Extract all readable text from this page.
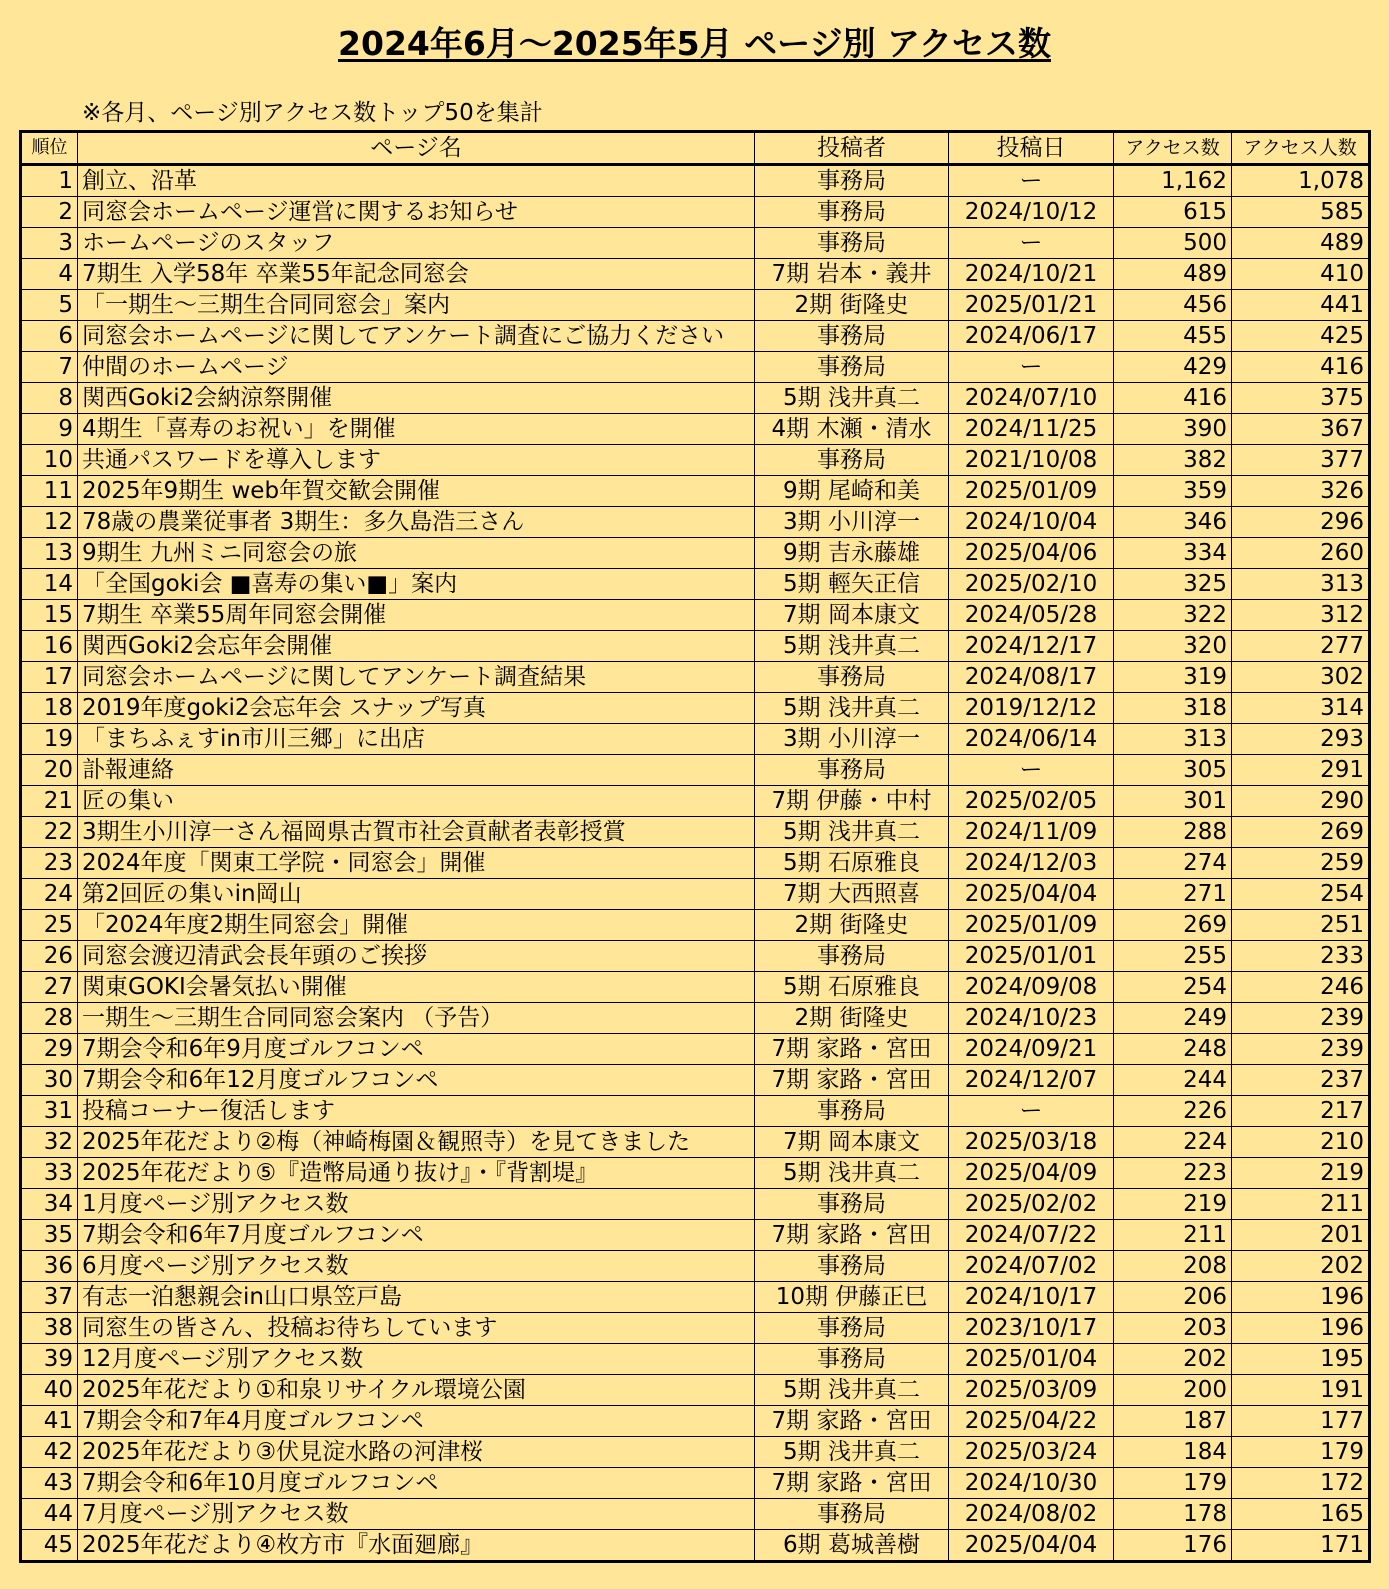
2024年6月～2025年5月 ページ別 アクセス数
※各月、ページ別アクセス数トップ50を集計
順位	ページ名	投稿者	投稿日	アクセス数	アクセス人数
1	創立、沿革	事務局	ー	1,162	1,078
2	同窓会ホームページ運営に関するお知らせ	事務局	2024/10/12	615	585
3	ホームページのスタッフ	事務局	ー	500	489
4	7期生 入学58年 卒業55年記念同窓会	7期 岩本・義井	2024/10/21	489	410
5	「一期生～三期生合同同窓会」案内	2期 街隆史	2025/01/21	456	441
6	同窓会ホームページに関してアンケート調査にご協力ください	事務局	2024/06/17	455	425
7	仲間のホームページ	事務局	ー	429	416
8	関西Goki2会納涼祭開催	5期 浅井真二	2024/07/10	416	375
9	4期生「喜寿のお祝い」を開催	4期 木瀬・清水	2024/11/25	390	367
10	共通パスワードを導入します	事務局	2021/10/08	382	377
11	2025年9期生 web年賀交歓会開催	9期 尾崎和美	2025/01/09	359	326
12	78歳の農業従事者 3期生：多久島浩三さん	3期 小川淳一	2024/10/04	346	296
13	9期生 九州ミニ同窓会の旅	9期 吉永藤雄	2025/04/06	334	260
14	「全国goki会 ■喜寿の集い■」案内	5期 輕矢正信	2025/02/10	325	313
15	7期生 卒業55周年同窓会開催	7期 岡本康文	2024/05/28	322	312
16	関西Goki2会忘年会開催	5期 浅井真二	2024/12/17	320	277
17	同窓会ホームページに関してアンケート調査結果	事務局	2024/08/17	319	302
18	2019年度goki2会忘年会 スナップ写真	5期 浅井真二	2019/12/12	318	314
19	「まちふぇすin市川三郷」に出店	3期 小川淳一	2024/06/14	313	293
20	訃報連絡	事務局	ー	305	291
21	匠の集い	7期 伊藤・中村	2025/02/05	301	290
22	3期生小川淳一さん福岡県古賀市社会貢献者表彰授賞	5期 浅井真二	2024/11/09	288	269
23	2024年度「関東工学院・同窓会」開催	5期 石原雅良	2024/12/03	274	259
24	第2回匠の集いin岡山	7期 大西照喜	2025/04/04	271	254
25	「2024年度2期生同窓会」開催	2期 街隆史	2025/01/09	269	251
26	同窓会渡辺清武会長年頭のご挨拶	事務局	2025/01/01	255	233
27	関東GOKI会暑気払い開催	5期 石原雅良	2024/09/08	254	246
28	一期生～三期生合同同窓会案内 （予告）	2期 街隆史	2024/10/23	249	239
29	7期会令和6年9月度ゴルフコンペ	7期 家路・宮田	2024/09/21	248	239
30	7期会令和6年12月度ゴルフコンペ	7期 家路・宮田	2024/12/07	244	237
31	投稿コーナー復活します	事務局	ー	226	217
32	2025年花だより②梅（神崎梅園＆観照寺）を見てきました	7期 岡本康文	2025/03/18	224	210
33	2025年花だより⑤『造幣局通り抜け』・『背割堤』	5期 浅井真二	2025/04/09	223	219
34	1月度ページ別アクセス数	事務局	2025/02/02	219	211
35	7期会令和6年7月度ゴルフコンペ	7期 家路・宮田	2024/07/22	211	201
36	6月度ページ別アクセス数	事務局	2024/07/02	208	202
37	有志一泊懇親会in山口県笠戸島	10期 伊藤正巳	2024/10/17	206	196
38	同窓生の皆さん、投稿お待ちしています	事務局	2023/10/17	203	196
39	12月度ページ別アクセス数	事務局	2025/01/04	202	195
40	2025年花だより①和泉リサイクル環境公園	5期 浅井真二	2025/03/09	200	191
41	7期会令和7年4月度ゴルフコンペ	7期 家路・宮田	2025/04/22	187	177
42	2025年花だより③伏見淀水路の河津桜	5期 浅井真二	2025/03/24	184	179
43	7期会令和6年10月度ゴルフコンペ	7期 家路・宮田	2024/10/30	179	172
44	7月度ページ別アクセス数	事務局	2024/08/02	178	165
45	2025年花だより④枚方市『水面廻廊』	6期 葛城善樹	2025/04/04	176	171
